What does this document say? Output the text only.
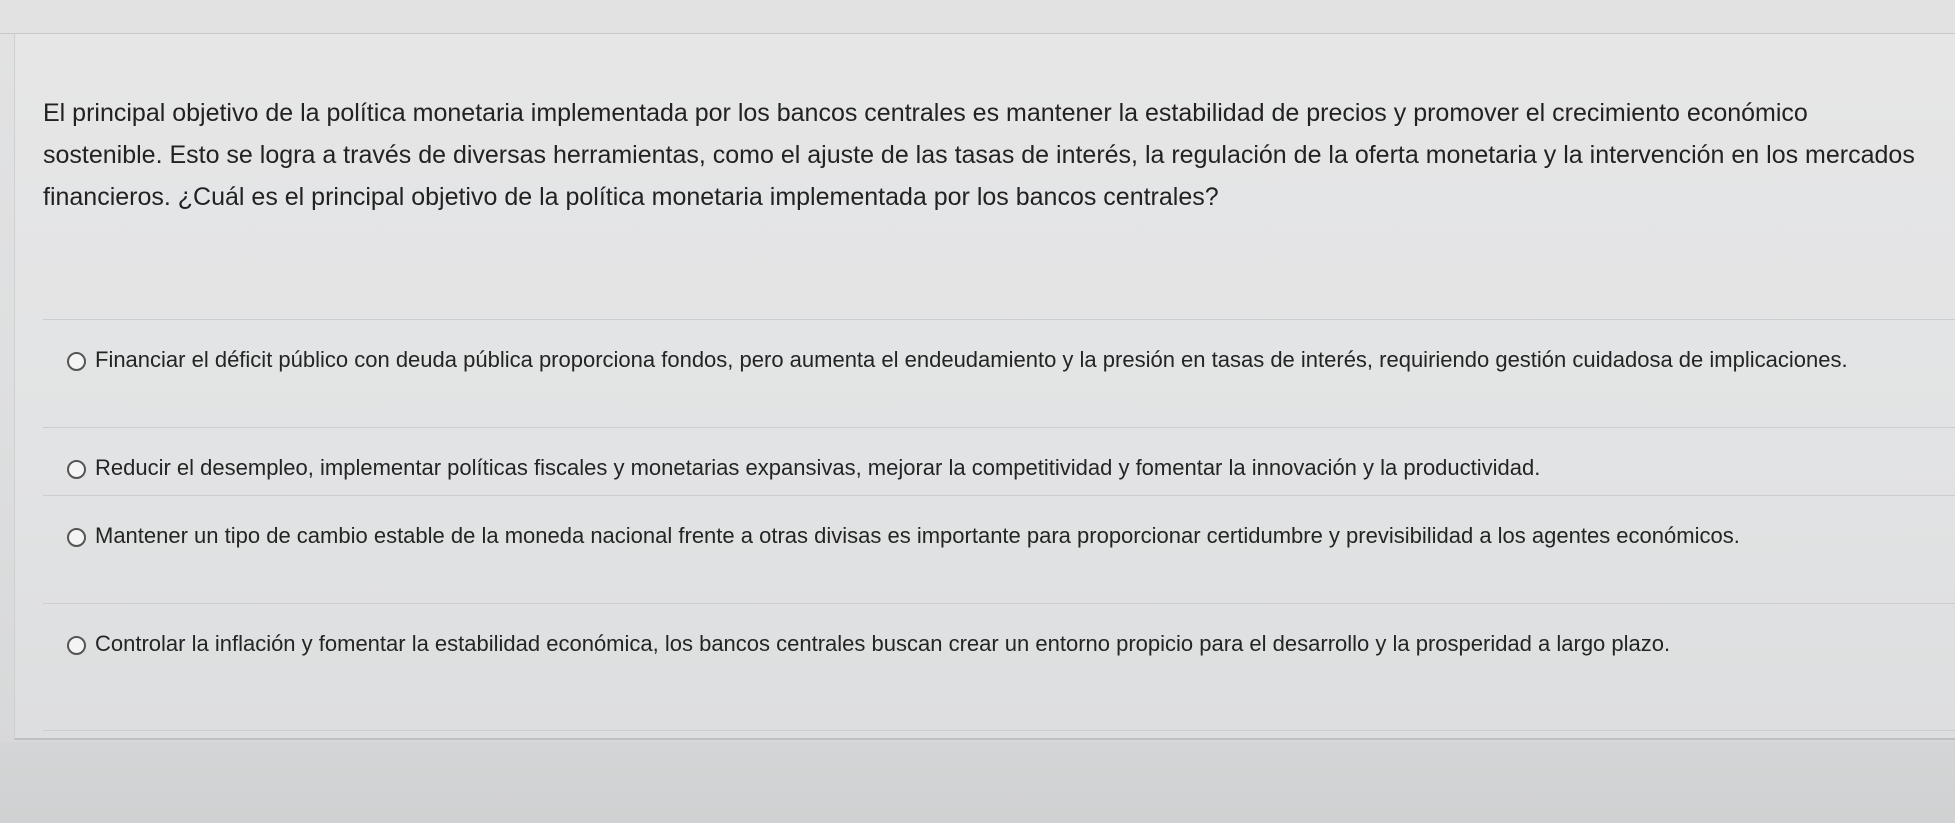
El principal objetivo de la política monetaria implementada por los bancos centrales es mantener la estabilidad de precios y promover el crecimiento económico sostenible. Esto se logra a través de diversas herramientas, como el ajuste de las tasas de interés, la regulación de la oferta monetaria y la intervención en los mercados financieros. ¿Cuál es el principal objetivo de la política monetaria implementada por los bancos centrales?

Financiar el déficit público con deuda pública proporciona fondos, pero aumenta el endeudamiento y la presión en tasas de interés, requiriendo gestión cuidadosa de implicaciones.
Reducir el desempleo, implementar políticas fiscales y monetarias expansivas, mejorar la competitividad y fomentar la innovación y la productividad.
Mantener un tipo de cambio estable de la moneda nacional frente a otras divisas es importante para proporcionar certidumbre y previsibilidad a los agentes económicos.
Controlar la inflación y fomentar la estabilidad económica, los bancos centrales buscan crear un entorno propicio para el desarrollo y la prosperidad a largo plazo.
